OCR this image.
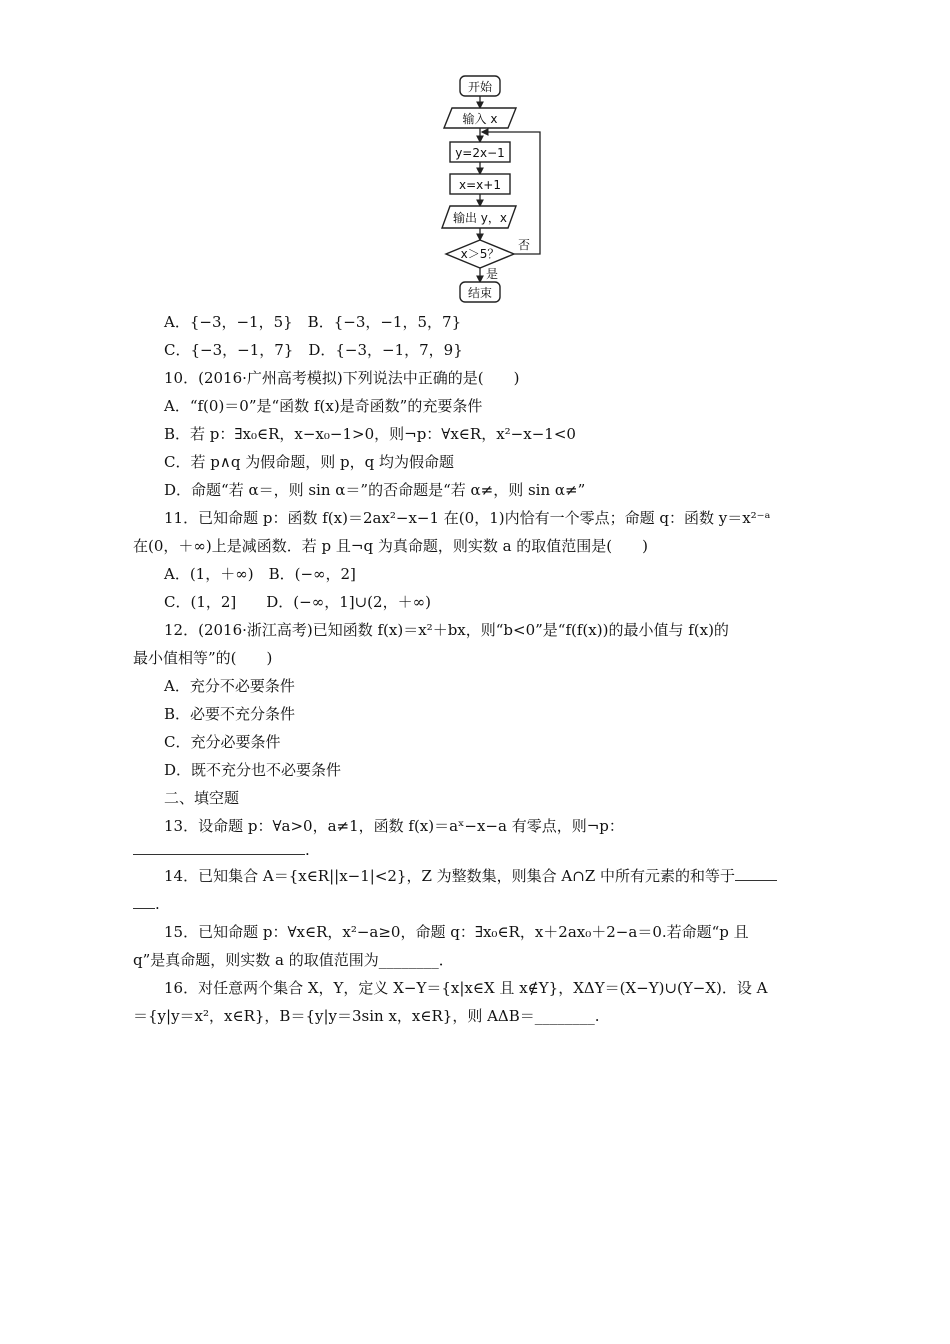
开始
输入 x
y=2x−1
x=x+1
输出 y，x
x＞5？
否
是
结束
A．{−3，−1，5}　B．{−3，−1，5，7}
C．{−3，−1，7}　D．{−3，−1，7，9}
10．(2016·广州高考模拟)下列说法中正确的是(　　)
A．“f(0)＝0”是“函数 f(x)是奇函数”的充要条件
B．若 p：∃x₀∈R，x−x₀−1>0，则¬p：∀x∈R，x²−x−1<0
C．若 p∧q 为假命题，则 p，q 均为假命题
D．命题“若 α＝，则 sin α＝”的否命题是“若 α≠，则 sin α≠”
11．已知命题 p：函数 f(x)＝2ax²−x−1 在(0，1)内恰有一个零点；命题 q：函数 y＝x²⁻ᵃ
在(0，＋∞)上是减函数．若 p 且¬q 为真命题，则实数 a 的取值范围是(　　)
A．(1，＋∞)　B．(−∞，2]
C．(1，2]　　D．(−∞，1]∪(2，＋∞)
12．(2016·浙江高考)已知函数 f(x)＝x²＋bx，则“b<0”是“f(f(x))的最小值与 f(x)的
最小值相等”的(　　)
A．充分不必要条件
B．必要不充分条件
C．充分必要条件
D．既不充分也不必要条件
二、填空题
13．设命题 p：∀a>0，a≠1，函数 f(x)＝aˣ−x−a 有零点，则¬p：
.
14．已知集合 A＝{x∈R||x−1|<2}，Z 为整数集，则集合 A∩Z 中所有元素的和等于
.
15．已知命题 p：∀x∈R，x²−a≥0，命题 q：∃x₀∈R，x＋2ax₀＋2−a＝0.若命题“p 且
q”是真命题，则实数 a 的取值范围为________．
16．对任意两个集合 X，Y，定义 X−Y＝{x|x∈X 且 x∉Y}，XΔY＝(X−Y)∪(Y−X)．设 A
＝{y|y＝x²，x∈R}，B＝{y|y＝3sin x，x∈R}，则 AΔB＝________.
